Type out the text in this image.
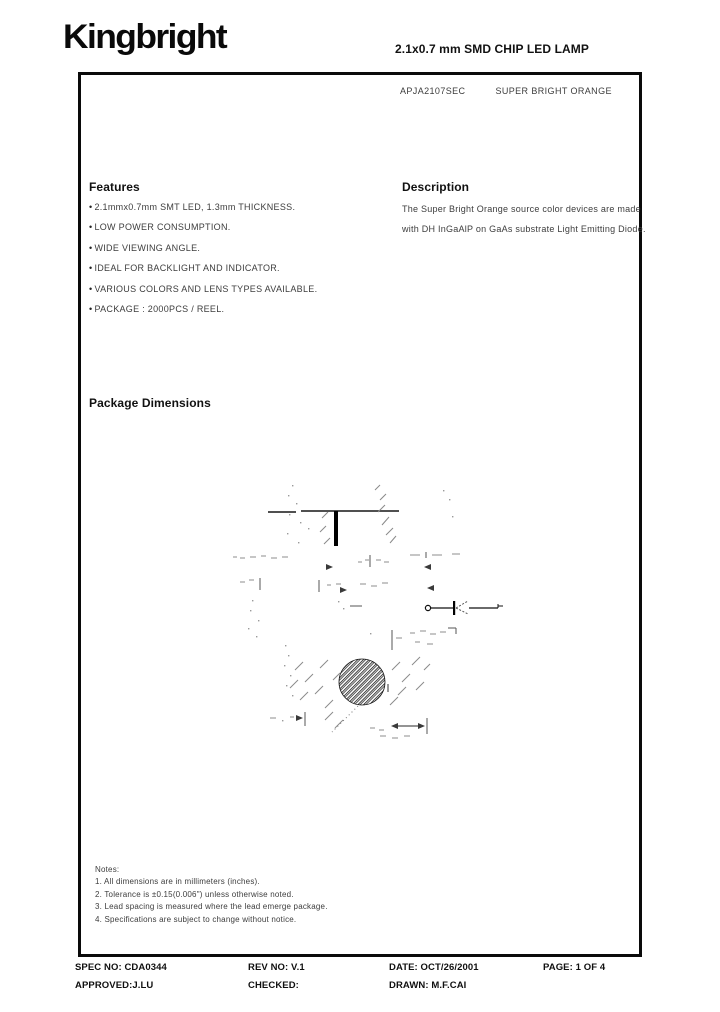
Kingbright	2.1x0.7 mm SMD CHIP LED LAMP
APJA2107SEC	SUPER BRIGHT ORANGE
Features
• 2.1mmx0.7mm SMT LED, 1.3mm THICKNESS.
• LOW POWER CONSUMPTION.
• WIDE VIEWING ANGLE.
• IDEAL FOR BACKLIGHT AND INDICATOR.
• VARIOUS COLORS AND LENS TYPES AVAILABLE.
• PACKAGE : 2000PCS / REEL.
Description
The Super Bright Orange source color devices are made with DH InGaAlP on GaAs substrate Light Emitting Diode.
Package Dimensions
Notes:
1. All dimensions are in millimeters (inches).
2. Tolerance is ±0.15(0.006") unless otherwise noted.
3. Lead spacing is measured where the lead emerge package.
4. Specifications are subject to change without notice.
SPEC NO: CDA0344	REV NO: V.1	DATE: OCT/26/2001	PAGE: 1 OF 4
APPROVED:J.LU	CHECKED:	DRAWN: M.F.CAI
